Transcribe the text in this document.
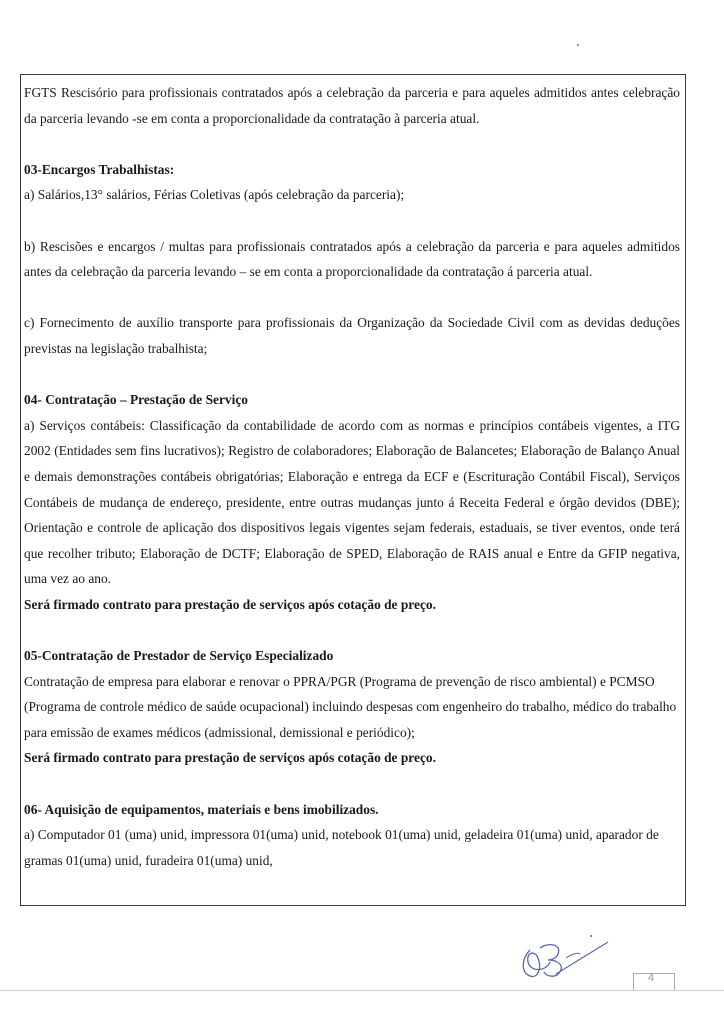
FGTS Rescisório para profissionais contratados após a celebração da parceria e para aqueles admitidos antes celebração da parceria levando -se em conta a proporcionalidade da contratação à parceria atual.

03-Encargos Trabalhistas:

a) Salários,13° salários, Férias Coletivas (após celebração da parceria);

b) Rescisões e encargos / multas para profissionais contratados após a celebração da parceria e para aqueles admitidos antes da celebração da parceria levando – se em conta a proporcionalidade da contratação á parceria atual.

c) Fornecimento de auxílio transporte para profissionais da Organização da Sociedade Civil com as devidas deduções previstas na legislação trabalhista;

04- Contratação – Prestação de Serviço

a) Serviços contábeis: Classificação da contabilidade de acordo com as normas e princípios contábeis vigentes, a ITG 2002 (Entidades sem fins lucrativos); Registro de colaboradores; Elaboração de Balancetes; Elaboração de Balanço Anual e demais demonstrações contábeis obrigatórias; Elaboração e entrega da ECF e (Escrituração Contábil Fiscal), Serviços Contábeis de mudança de endereço, presidente, entre outras mudanças junto á Receita Federal e órgão devidos (DBE); Orientação e controle de aplicação dos dispositivos legais vigentes sejam federais, estaduais, se tiver eventos, onde terá que recolher tributo; Elaboração de DCTF; Elaboração de SPED, Elaboração de RAIS anual e Entre da GFIP negativa, uma vez ao ano.

Será firmado contrato para prestação de serviços após cotação de preço.

05-Contratação de Prestador de Serviço Especializado

Contratação de empresa para elaborar e renovar o PPRA/PGR (Programa de prevenção de risco ambiental) e PCMSO (Programa de controle médico de saúde ocupacional) incluindo despesas com engenheiro do trabalho, médico do trabalho para emissão de exames médicos (admissional, demissional e periódico);

Será firmado contrato para prestação de serviços após cotação de preço.

06- Aquisição de equipamentos, materiais e bens imobilizados.

a) Computador 01 (uma) unid, impressora 01(uma) unid, notebook 01(uma) unid, geladeira 01(uma) unid, aparador de gramas 01(uma) unid, furadeira 01(uma) unid,

4
